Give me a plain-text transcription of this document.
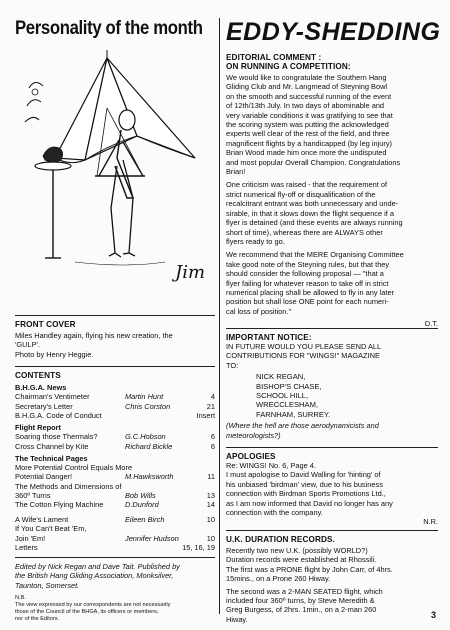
Personality of the month
Jim

FRONT COVER

Miles Handley again, flying his new creation, the

'GULP'.

Photo by Henry Heggie.

CONTENTS

B.H.G.A. News
Chairman's Ventimeter	Martin Hunt	4
Secretary's Letter	Chris Corston	21
B.H.G.A. Code of Conduct	Insert
Flight Report
Soaring those Thermals?	G.C.Hobson	6
Cross Channel by Kite	Richard Bickle	6
The Technical Pages
More Potential Control Equals More
Potential Danger!	M.Hawksworth	11
The Methods and Dimensions of
360º Turns	Bob Wills	13
The Cotton Flying Machine	D.Dunford	14
A Wife's Lament	Eileen Birch	10
If You Can't Beat 'Em,
Join 'Em!	Jennifer Hudson	10
Letters	15, 16, 19

Edited by Nick Regan and Dave Tait. Published by

the British Hang Gliding Association, Monksilver,

Taunton, Somerset.

N.B.

The view expressed by our correspondents are not necessarily

those of the Council of the BHGA, its officers or members,

nor of the Editors.

EDDY-SHEDDING

EDITORIAL COMMENT :

ON RUNNING A COMPETITION:

We would like to congratulate the Southern Hang

Gliding Club and Mr. Langmead of Steyning Bowl

on the smooth and successful running of the event

of 12th/13th July. In two days of abominable and

very variable conditions it was gratifying to see that

the scoring system was putting the acknowledged

experts well clear of the rest of the field, and three

magnificent flights by a handicapped (by leg injury)

Brian Wood made him once more the undisputed

and most popular Overall Champion. Congratulations

Brian!

One criticism was raised - that the requirement of

strict numerical fly-off or disqualification of the

recalcitrant entrant was both unnecessary and unde-

sirable, in that it slows down the flight sequence if a

flyer is detained (and these events are always running

short of time), whereas there are ALWAYS other

flyers ready to go.

We recommend that the MERE Organising Committee

take good note of the Steyning rules, but that they

should consider the following proposal — "that a

flyer failing for whatever reason to take off in strict

numerical placing shall be allowed to fly in any later

position but shall lose ONE point for each numeri-

cal loss of position."

D.T.

IMPORTANT NOTICE:

IN FUTURE WOULD YOU PLEASE SEND ALL

CONTRIBUTIONS FOR "WINGS!" MAGAZINE

TO:

NICK REGAN,
BISHOP'S CHASE,
SCHOOL HILL,
WRECCLESHAM,
FARNHAM, SURREY.

(Where the hell are those aerodynamicists and

meteorologists?)

APOLOGIES

Re: WINGS! No. 6, Page 4.

I must apologise to David Walling for 'hinting' of

his unbiased 'birdman' view, due to his business

connection with Birdman Sports Promotions Ltd.,

as I am now informed that David no longer has any

connection with the company.

N.R.

U.K. DURATION RECORDS.

Recently two new U.K. (possibly WORLD?)

Duration records were established at Rhossili.

The first was a PRONE flight by John Carr, of 4hrs.

15mins., on a Prone 260 Hiway.

The second was a 2-MAN SEATED flight, which

included four 360º turns, by Steve Meredith &

Greg Burgess, of 2hrs. 1min., on a 2-man 260

Hiway.	3
